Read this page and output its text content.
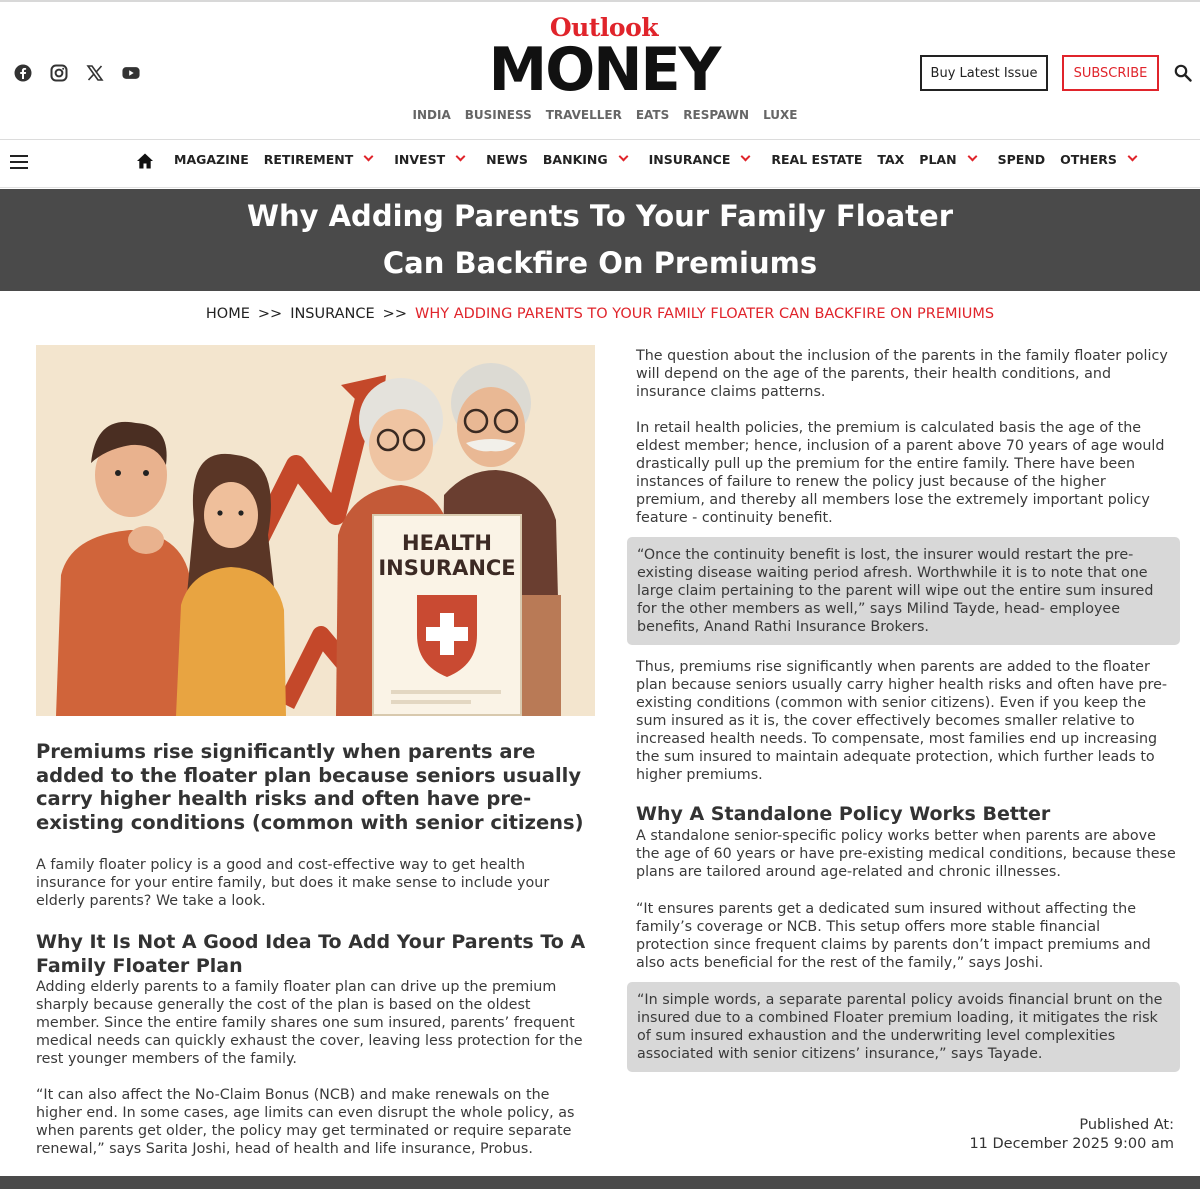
Outlook
MONEY
INDIA BUSINESS TRAVELLER EATS RESPAWN LUXE
Buy Latest Issue	SUBSCRIBE
MAGAZINE RETIREMENT	INVEST	NEWS BANKING	INSURANCE	REAL ESTATE TAX PLAN	SPEND OTHERS
Why Adding Parents To Your Family Floater Can Backfire On Premiums
HOME >> INSURANCE >> WHY ADDING PARENTS TO YOUR FAMILY FLOATER CAN BACKFIRE ON PREMIUMS
HEALTH
INSURANCE
Premiums rise significantly when parents are added to the floater plan because seniors usually carry higher health risks and often have pre-existing conditions (common with senior citizens)

A family floater policy is a good and cost-effective way to get health insurance for your entire family, but does it make sense to include your elderly parents? We take a look.

Why It Is Not A Good Idea To Add Your Parents To A Family Floater Plan

Adding elderly parents to a family floater plan can drive up the premium sharply because generally the cost of the plan is based on the oldest member. Since the entire family shares one sum insured, parents’ frequent medical needs can quickly exhaust the cover, leaving less protection for the rest younger members of the family.

“It can also affect the No-Claim Bonus (NCB) and make renewals on the higher end. In some cases, age limits can even disrupt the whole policy, as when parents get older, the policy may get terminated or require separate renewal,” says Sarita Joshi, head of health and life insurance, Probus.

The question about the inclusion of the parents in the family floater policy will depend on the age of the parents, their health conditions, and insurance claims patterns.

In retail health policies, the premium is calculated basis the age of the eldest member; hence, inclusion of a parent above 70 years of age would drastically pull up the premium for the entire family. There have been instances of failure to renew the policy just because of the higher premium, and thereby all members lose the extremely important policy feature - continuity benefit.

“Once the continuity benefit is lost, the insurer would restart the pre-existing disease waiting period afresh. Worthwhile it is to note that one large claim pertaining to the parent will wipe out the entire sum insured for the other members as well,” says Milind Tayde, head- employee benefits, Anand Rathi Insurance Brokers.

Thus, premiums rise significantly when parents are added to the floater plan because seniors usually carry higher health risks and often have pre-existing conditions (common with senior citizens). Even if you keep the sum insured as it is, the cover effectively becomes smaller relative to increased health needs. To compensate, most families end up increasing the sum insured to maintain adequate protection, which further leads to higher premiums.

Why A Standalone Policy Works Better

A standalone senior-specific policy works better when parents are above the age of 60 years or have pre-existing medical conditions, because these plans are tailored around age-related and chronic illnesses.

“It ensures parents get a dedicated sum insured without affecting the family’s coverage or NCB. This setup offers more stable financial protection since frequent claims by parents don’t impact premiums and also acts beneficial for the rest of the family,” says Joshi.

“In simple words, a separate parental policy avoids financial brunt on the insured due to a combined Floater premium loading, it mitigates the risk of sum insured exhaustion and the underwriting level complexities associated with senior citizens’ insurance,” says Tayade.

Published At:
11 December 2025 9:00 am
